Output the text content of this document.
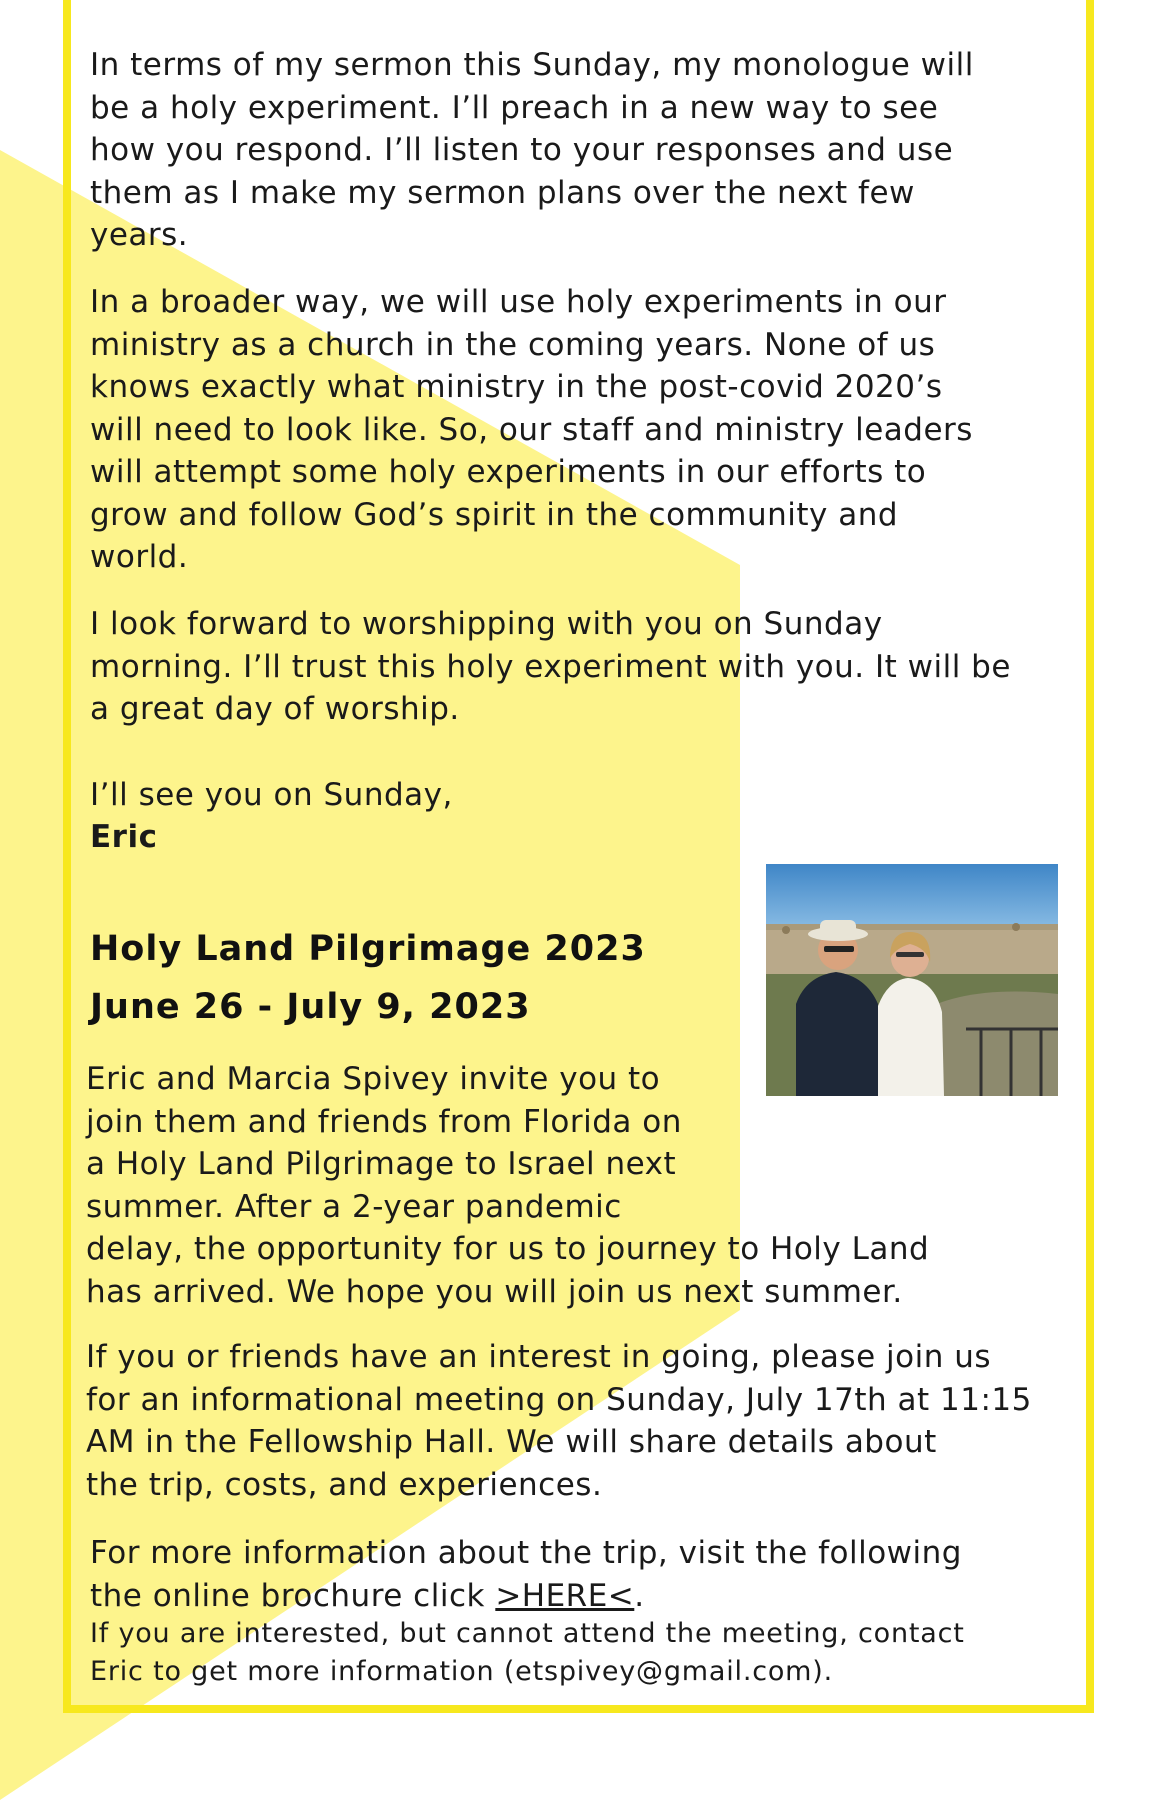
In terms of my sermon this Sunday, my monologue will
be a holy experiment. I’ll preach in a new way to see
how you respond. I’ll listen to your responses and use
them as I make my sermon plans over the next few
years.
In a broader way, we will use holy experiments in our
ministry as a church in the coming years. None of us
knows exactly what ministry in the post-covid 2020’s
will need to look like. So, our staff and ministry leaders
will attempt some holy experiments in our efforts to
grow and follow God’s spirit in the community and
world.
I look forward to worshipping with you on Sunday
morning. I’ll trust this holy experiment with you. It will be
a great day of worship.
I’ll see you on Sunday,
Eric
Holy Land Pilgrimage 2023
June 26 - July 9, 2023
Eric and Marcia Spivey invite you to
join them and friends from Florida on
a Holy Land Pilgrimage to Israel next
summer. After a 2-year pandemic
delay, the opportunity for us to journey to Holy Land
has arrived. We hope you will join us next summer.
If you or friends have an interest in going, please join us
for an informational meeting on Sunday, July 17th at 11:15
AM in the Fellowship Hall. We will share details about
the trip, costs, and experiences.
For more information about the trip, visit the following
the online brochure click >HERE<.
If you are interested, but cannot attend the meeting, contact
Eric to get more information (etspivey@gmail.com).
